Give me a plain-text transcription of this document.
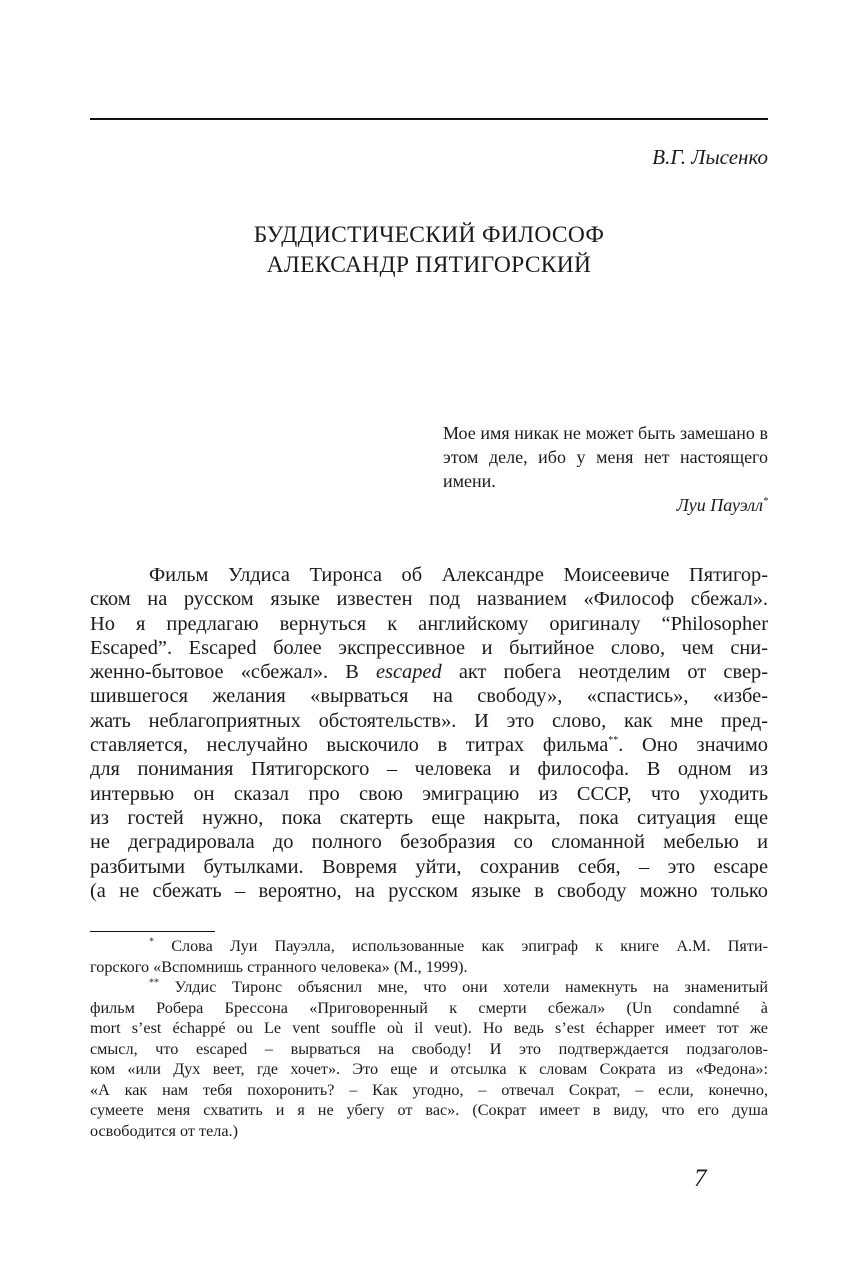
В.Г. Лысенко
БУДДИСТИЧЕСКИЙ ФИЛОСОФ
АЛЕКСАНДР ПЯТИГОРСКИЙ
Мое имя никак не может быть замешано в этом деле, ибо у меня нет настоящего имени.
Луи Пауэлл*
Фильм Улдиса Тиронса об Александре Моисеевиче Пятигор-
ском на русском языке известен под названием «Философ сбежал».
Но я предлагаю вернуться к английскому оригиналу “Philosopher
Escaped”. Escaped более экспрессивное и бытийное слово, чем сни-
женно-бытовое «сбежал». В escaped акт побега неотделим от свер-
шившегося желания «вырваться на свободу», «спастись», «избе-
жать неблагоприятных обстоятельств». И это слово, как мне пред-
ставляется, неслучайно выскочило в титрах фильма**. Оно значимо
для понимания Пятигорского – человека и философа. В одном из
интервью он сказал про свою эмиграцию из СССР, что уходить
из гостей нужно, пока скатерть еще накрыта, пока ситуация еще
не деградировала до полного безобразия со сломанной мебелью и
разбитыми бутылками. Вовремя уйти, сохранив себя, – это escape
(а не сбежать – вероятно, на русском языке в свободу можно только
* Слова Луи Пауэлла, использованные как эпиграф к книге А.М. Пяти-
горского «Вспомнишь странного человека» (М., 1999).
** Улдис Тиронс объяснил мне, что они хотели намекнуть на знаменитый
фильм Робера Брессона «Приговоренный к смерти сбежал» (Un condamné à
mort s’est échappé ou Le vent souffle où il veut). Но ведь s’est échapper имеет тот же
смысл, что escaped – вырваться на свободу! И это подтверждается подзаголов-
ком «или Дух веет, где хочет». Это еще и отсылка к словам Сократа из «Федона»:
«А как нам тебя похоронить? – Как угодно, – отвечал Сократ, – если, конечно,
сумеете меня схватить и я не убегу от вас». (Сократ имеет в виду, что его душа
освободится от тела.)
7
